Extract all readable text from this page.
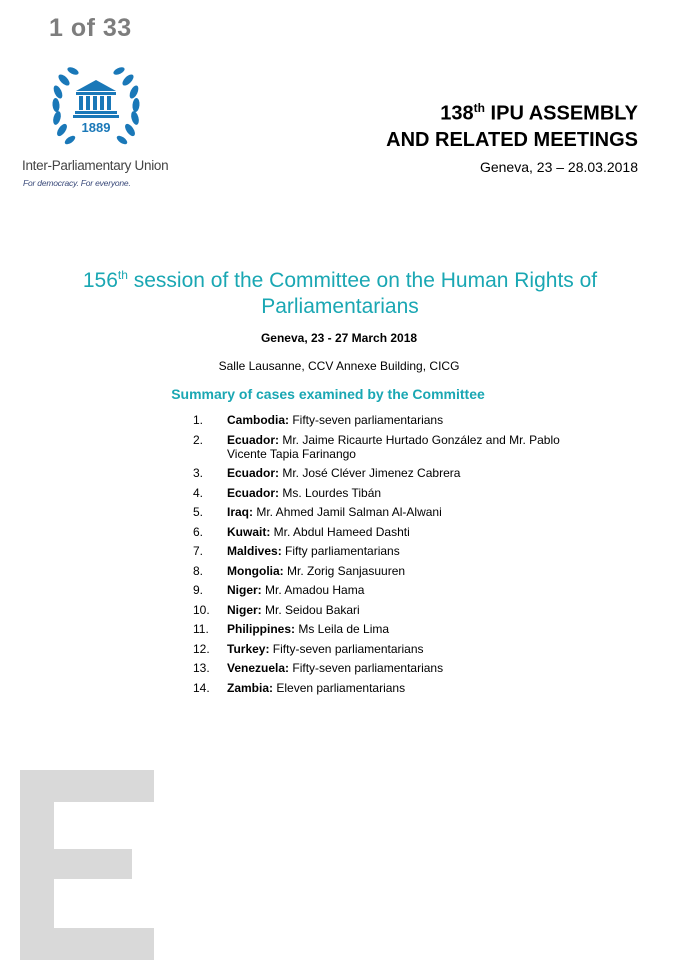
1 of 33
1889
Inter-Parliamentary Union
For democracy. For everyone.
138th IPU ASSEMBLY
AND RELATED MEETINGS
Geneva, 23 – 28.03.2018
156th session of the Committee on the Human Rights of Parliamentarians
Geneva, 23 - 27 March 2018
Salle Lausanne, CCV Annexe Building, CICG
Summary of cases examined by the Committee
1.	Cambodia: Fifty-seven parliamentarians
2.	Ecuador: Mr. Jaime Ricaurte Hurtado González and Mr. Pablo Vicente Tapia Farinango
3.	Ecuador: Mr. José Cléver Jimenez Cabrera
4.	Ecuador: Ms. Lourdes Tibán
5.	Iraq: Mr. Ahmed Jamil Salman Al-Alwani
6.	Kuwait: Mr. Abdul Hameed Dashti
7.	Maldives: Fifty parliamentarians
8.	Mongolia: Mr. Zorig Sanjasuuren
9.	Niger: Mr. Amadou Hama
10.	Niger: Mr. Seidou Bakari
11.	Philippines: Ms Leila de Lima
12.	Turkey: Fifty-seven parliamentarians
13.	Venezuela: Fifty-seven parliamentarians
14.	Zambia: Eleven parliamentarians
